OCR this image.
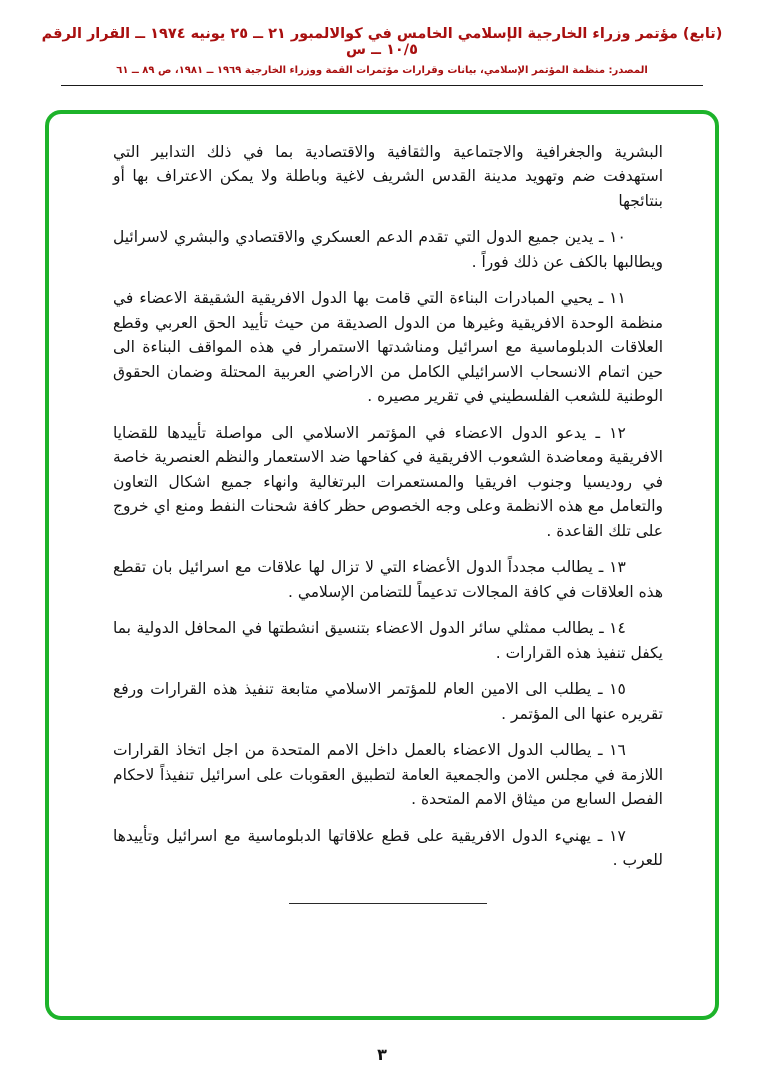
(تابع) مؤتمر وزراء الخارجية الإسلامي الخامس في كوالالمبور ٢١ ــ ٢٥ يونيه ١٩٧٤ ــ القرار الرقم ١٠/٥ ــ س
المصدر: منظمة المؤتمر الإسلامي، بيانات وقرارات مؤتمرات القمة ووزراء الخارجية ١٩٦٩ ــ ١٩٨١، ص ٨٩ ــ ٦١

البشرية والجغرافية والاجتماعية والثقافية والاقتصادية بما في ذلك التدابير التي استهدفت ضم وتهويد مدينة القدس الشريف لاغية وباطلة ولا يمكن الاعتراف بها أو بنتائجها

١٠ ـ يدين جميع الدول التي تقدم الدعم العسكري والاقتصادي والبشري لاسرائيل ويطالبها بالكف عن ذلك فوراً .

١١ ـ يحيي المبادرات البناءة التي قامت بها الدول الافريقية الشقيقة الاعضاء في منظمة الوحدة الافريقية وغيرها من الدول الصديقة من حيث تأييد الحق العربي وقطع العلاقات الدبلوماسية مع اسرائيل ومناشدتها الاستمرار في هذه المواقف البناءة الى حين اتمام الانسحاب الاسرائيلي الكامل من الاراضي العربية المحتلة وضمان الحقوق الوطنية للشعب الفلسطيني في تقرير مصيره .

١٢ ـ يدعو الدول الاعضاء في المؤتمر الاسلامي الى مواصلة تأييدها للقضايا الافريقية ومعاضدة الشعوب الافريقية في كفاحها ضد الاستعمار والنظم العنصرية خاصة في روديسيا وجنوب افريقيا والمستعمرات البرتغالية وانهاء جميع اشكال التعاون والتعامل مع هذه الانظمة وعلى وجه الخصوص حظر كافة شحنات النفط ومنع اي خروج على تلك القاعدة .

١٣ ـ يطالب مجدداً الدول الأعضاء التي لا تزال لها علاقات مع اسرائيل بان تقطع هذه العلاقات في كافة المجالات تدعيماً للتضامن الإسلامي .

١٤ ـ يطالب ممثلي سائر الدول الاعضاء بتنسيق انشطتها في المحافل الدولية بما يكفل تنفيذ هذه القرارات .

١٥ ـ يطلب الى الامين العام للمؤتمر الاسلامي متابعة تنفيذ هذه القرارات ورفع تقريره عنها الى المؤتمر .

١٦ ـ يطالب الدول الاعضاء بالعمل داخل الامم المتحدة من اجل اتخاذ القرارات اللازمة في مجلس الامن والجمعية العامة لتطبيق العقوبات على اسرائيل تنفيذاً لاحكام الفصل السابع من ميثاق الامم المتحدة .

١٧ ـ يهنيء الدول الافريقية على قطع علاقاتها الدبلوماسية مع اسرائيل وتأييدها للعرب .

٣
